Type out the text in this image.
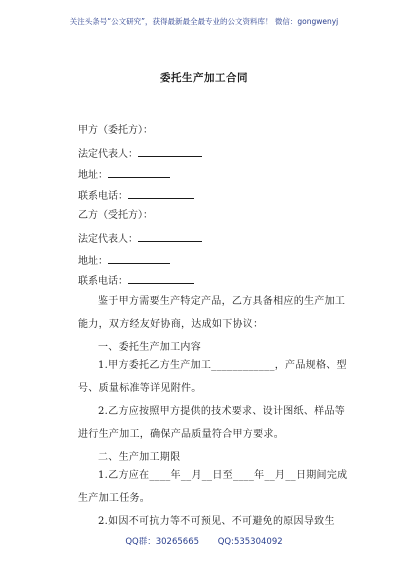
关注头条号“公文研究”，获得最新最全最专业的公文资料库！ 微信：gongwenyj
委托生产加工合同
甲方（委托方）：
法定代表人：
地址：
联系电话：
乙方（受托方）：
法定代表人：
地址：
联系电话：
鉴于甲方需要生产特定产品，乙方具备相应的生产加工能力，双方经友好协商，达成如下协议：
一、委托生产加工内容
1.甲方委托乙方生产加工____________，产品规格、型号、质量标准等详见附件。
2.乙方应按照甲方提供的技术要求、设计图纸、样品等进行生产加工，确保产品质量符合甲方要求。
二、生产加工期限
1.乙方应在____年__月__日至____年__月__日期间完成生产加工任务。
2.如因不可抗力等不可预见、不可避免的原因导致生
QQ群：30265665 QQ:535304092
